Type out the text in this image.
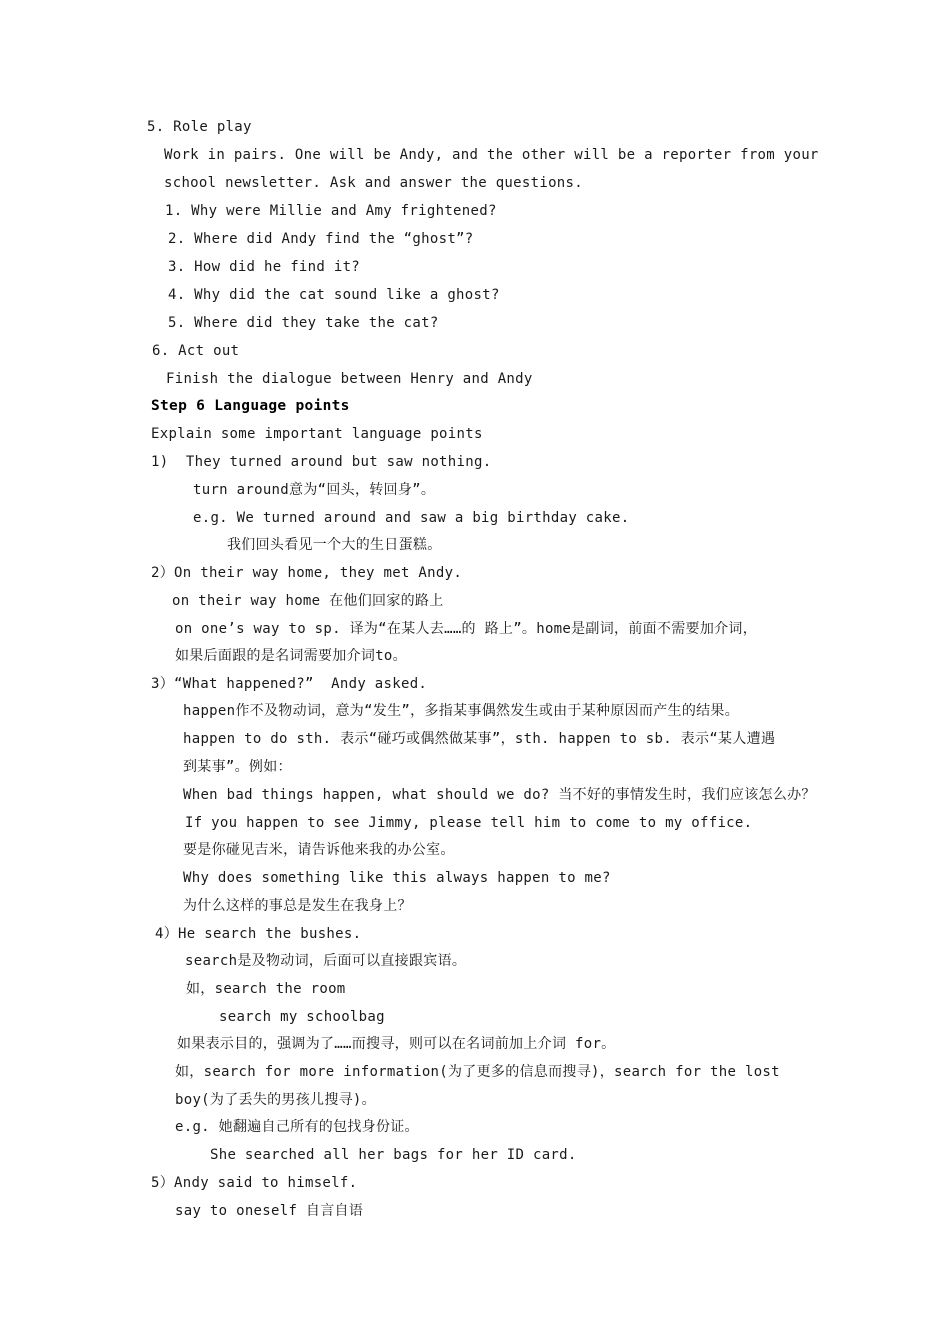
5. Role play
Work in pairs. One will be Andy, and the other will be a reporter from your
school newsletter. Ask and answer the questions.
1. Why were Millie and Amy frightened?
2. Where did Andy find the “ghost”?
3. How did he find it?
4. Why did the cat sound like a ghost?
5. Where did they take the cat?
6. Act out
Finish the dialogue between Henry and Andy
Step 6 Language points
Explain some important language points
1)  They turned around but saw nothing.
turn around意为“回头，转回身”。
e.g. We turned around and saw a big birthday cake.
我们回头看见一个大的生日蛋糕。
2）On their way home, they met Andy.
on their way home 在他们回家的路上
on one’s way to sp. 译为“在某人去……的 路上”。home是副词，前面不需要加介词，
如果后面跟的是名词需要加介词to。
3）“What happened?”  Andy asked.
happen作不及物动词，意为“发生”，多指某事偶然发生或由于某种原因而产生的结果。
happen to do sth. 表示“碰巧或偶然做某事”，sth. happen to sb. 表示“某人遭遇
到某事”。例如：
When bad things happen, what should we do? 当不好的事情发生时，我们应该怎么办？
If you happen to see Jimmy, please tell him to come to my office.
要是你碰见吉米，请告诉他来我的办公室。
Why does something like this always happen to me?
为什么这样的事总是发生在我身上？
4）He search the bushes.
search是及物动词，后面可以直接跟宾语。
如，search the room
search my schoolbag
如果表示目的，强调为了……而搜寻，则可以在名词前加上介词 for。
如，search for more information(为了更多的信息而搜寻)，search for the lost
boy(为了丢失的男孩儿搜寻)。
e.g. 她翻遍自己所有的包找身份证。
She searched all her bags for her ID card.
5）Andy said to himself.
say to oneself 自言自语
